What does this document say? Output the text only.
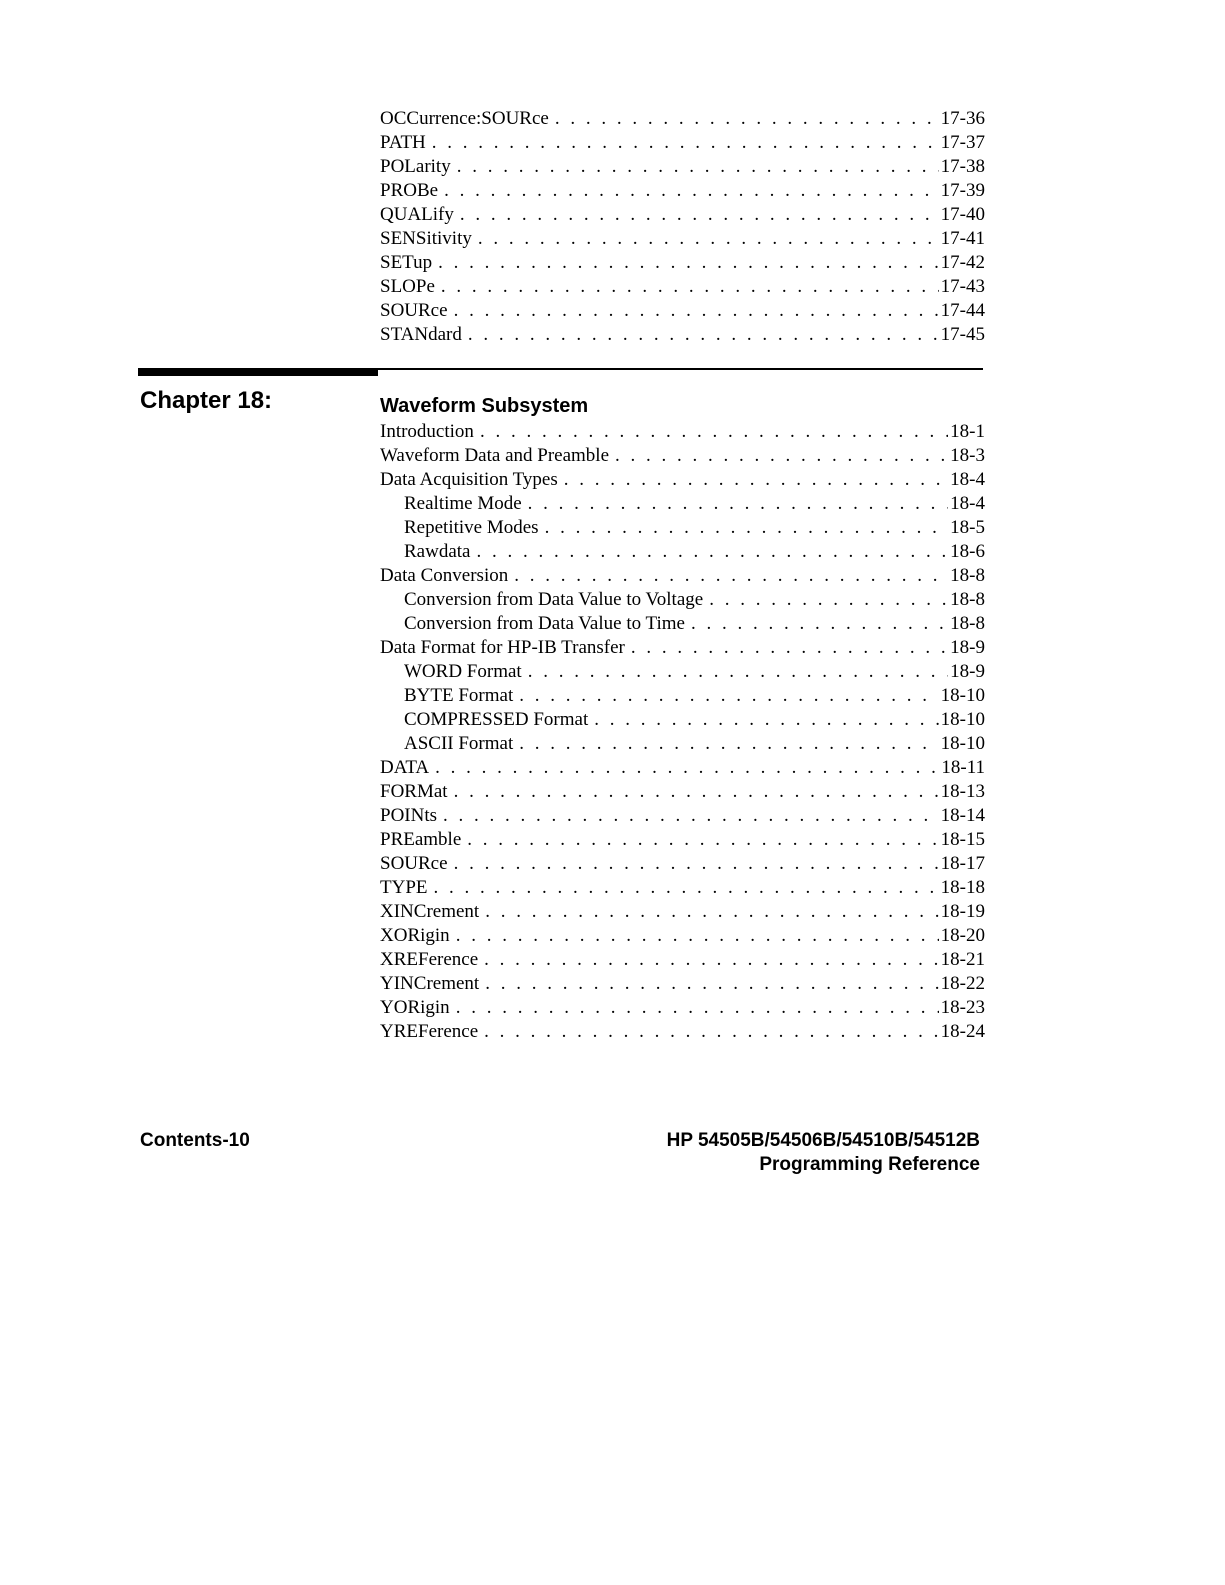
OCCurrence:SOURce . . .	17-36
PATH . . .	17-37
POLarity . . .	17-38
PROBe . . .	17-39
QUALify . . .	17-40
SENSitivity . . .	17-41
SETup . . .	17-42
SLOPe . . .	17-43
SOURce . . .	17-44
STANdard . . .	17-45
Chapter 18:	Waveform Subsystem
Introduction . . .	18-1
Waveform Data and Preamble . . .	18-3
Data Acquisition Types . . .	18-4
Realtime Mode . . .	18-4
Repetitive Modes . . .	18-5
Rawdata . . .	18-6
Data Conversion . . .	18-8
Conversion from Data Value to Voltage . . .	18-8
Conversion from Data Value to Time . . .	18-8
Data Format for HP-IB Transfer . . .	18-9
WORD Format . . .	18-9
BYTE Format . . .	18-10
COMPRESSED Format . . .	18-10
ASCII Format . . .	18-10
DATA . . .	18-11
FORMat . . .	18-13
POINts . . .	18-14
PREamble . . .	18-15
SOURce . . .	18-17
TYPE . . .	18-18
XINCrement . . .	18-19
XORigin . . .	18-20
XREFerence . . .	18-21
YINCrement . . .	18-22
YORigin . . .	18-23
YREFerence . . .	18-24
Contents-10	HP 54505B/54506B/54510B/54512B
Programming Reference
